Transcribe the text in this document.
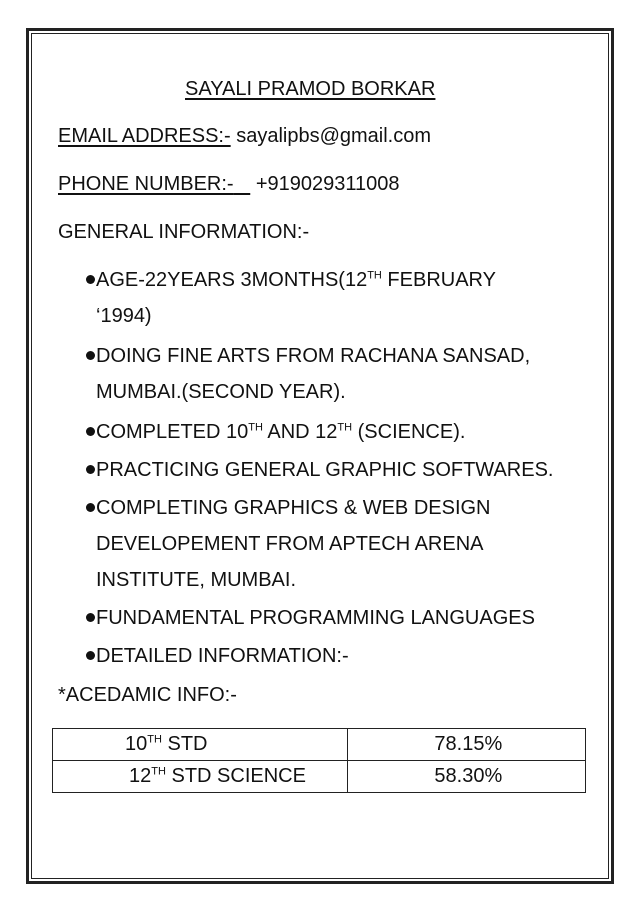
SAYALI PRAMOD BORKAR
EMAIL ADDRESS:- sayalipbs@gmail.com
PHONE NUMBER:- +919029311008
GENERAL INFORMATION:-
AGE-22YEARS 3MONTHS(12TH FEBRUARY
‘1994)
DOING FINE ARTS FROM RACHANA SANSAD,
MUMBAI.(SECOND YEAR).
COMPLETED 10TH AND 12TH (SCIENCE).
PRACTICING GENERAL GRAPHIC SOFTWARES.
COMPLETING GRAPHICS & WEB DESIGN
DEVELOPEMENT FROM APTECH ARENA
INSTITUTE, MUMBAI.
FUNDAMENTAL PROGRAMMING LANGUAGES
DETAILED INFORMATION:-
*ACEDAMIC INFO:-
10TH STD	78.15%
12TH STD SCIENCE	58.30%
